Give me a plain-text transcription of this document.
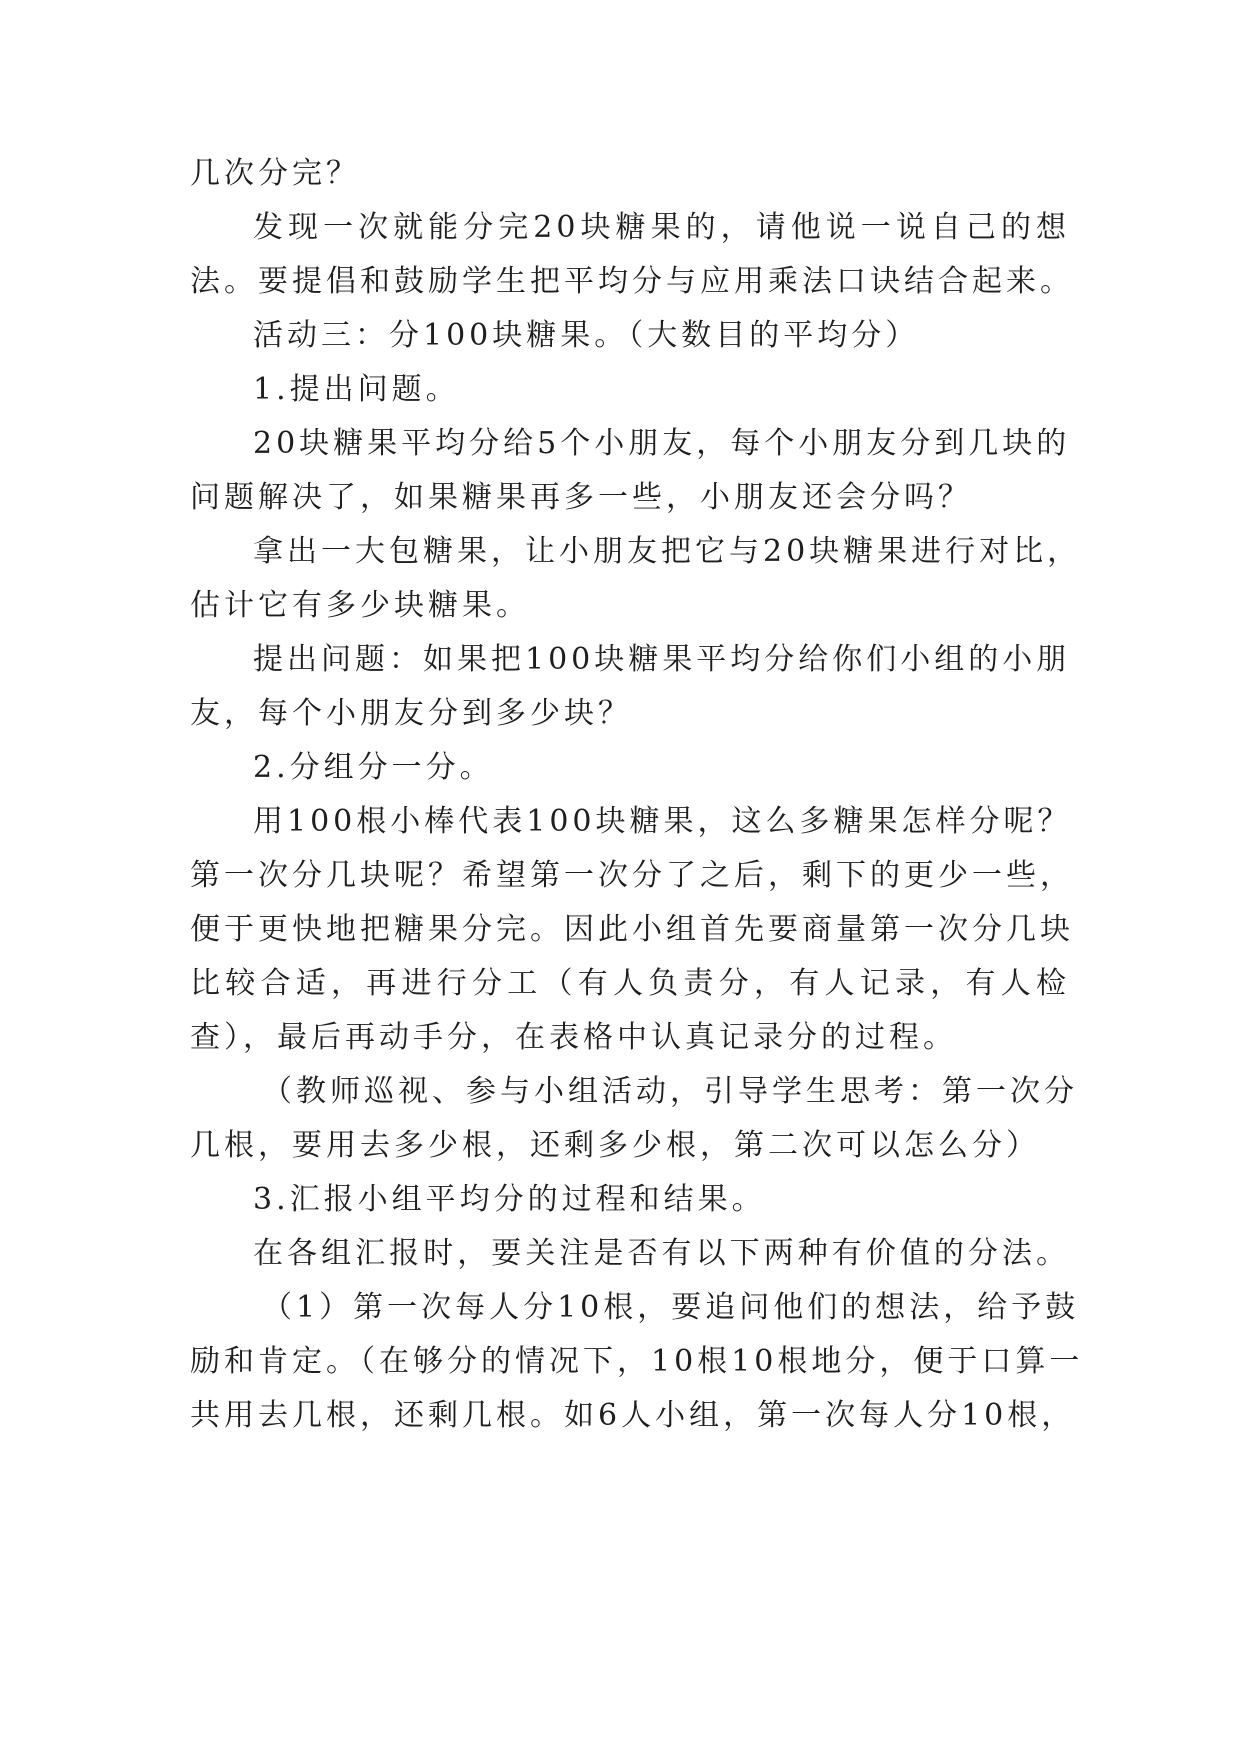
几次分完？
发现一次就能分完20块糖果的，请他说一说自己的想
法。要提倡和鼓励学生把平均分与应用乘法口诀结合起来。
活动三：分100块糖果。（大数目的平均分）
1.提出问题。
20块糖果平均分给5个小朋友，每个小朋友分到几块的
问题解决了，如果糖果再多一些，小朋友还会分吗？
拿出一大包糖果，让小朋友把它与20块糖果进行对比，
估计它有多少块糖果。
提出问题：如果把100块糖果平均分给你们小组的小朋
友，每个小朋友分到多少块？
2.分组分一分。
用100根小棒代表100块糖果，这么多糖果怎样分呢？
第一次分几块呢？希望第一次分了之后，剩下的更少一些，
便于更快地把糖果分完。因此小组首先要商量第一次分几块
比较合适，再进行分工（有人负责分，有人记录，有人检
查），最后再动手分，在表格中认真记录分的过程。
（教师巡视、参与小组活动，引导学生思考：第一次分
几根，要用去多少根，还剩多少根，第二次可以怎么分）
3.汇报小组平均分的过程和结果。
在各组汇报时，要关注是否有以下两种有价值的分法。
（1）第一次每人分10根，要追问他们的想法，给予鼓
励和肯定。（在够分的情况下，10根10根地分，便于口算一
共用去几根，还剩几根。如6人小组，第一次每人分10根，
